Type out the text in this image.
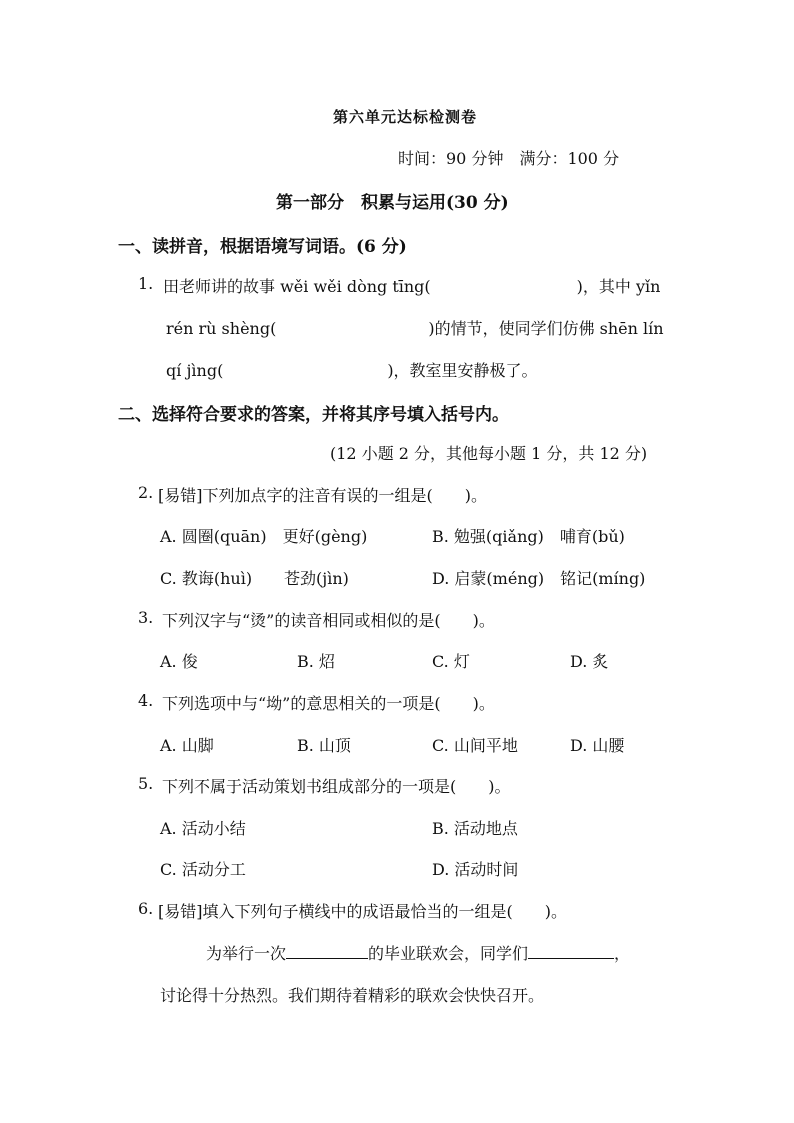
第六单元达标检测卷
时间：90 分钟　满分：100 分
第一部分　积累与运用(30 分)
一、读拼音，根据语境写词语。(6 分)
1. 田老师讲的故事 wěi wěi dòng tīng(	)，其中 yǐn
rén rù shèng(	)的情节，使同学们仿佛 shēn lín
qí jìng(	)，教室里安静极了。
二、选择符合要求的答案，并将其序号填入括号内。
(12 小题 2 分，其他每小题 1 分，共 12 分)
2. [易错]下列加点字的注音有误的一组是(　　)。
A. 圆圈(quān)　更好(gèng)	B. 勉强(qiǎng)　哺育(bǔ)
C. 教诲(huì)　　苍劲(jìn)	D. 启蒙(méng)　铭记(míng)
3. 下列汉字与“烫”的读音相同或相似的是(　　)。
A. 俊	B. 炤	C. 灯	D. 炙
4. 下列选项中与“坳”的意思相关的一项是(　　)。
A. 山脚	B. 山顶	C. 山间平地	D. 山腰
5. 下列不属于活动策划书组成部分的一项是(　　)。
A. 活动小结	B. 活动地点
C. 活动分工	D. 活动时间
6. [易错]填入下列句子横线中的成语最恰当的一组是(　　)。
为举行一次	的毕业联欢会，同学们	，
讨论得十分热烈。我们期待着精彩的联欢会快快召开。
